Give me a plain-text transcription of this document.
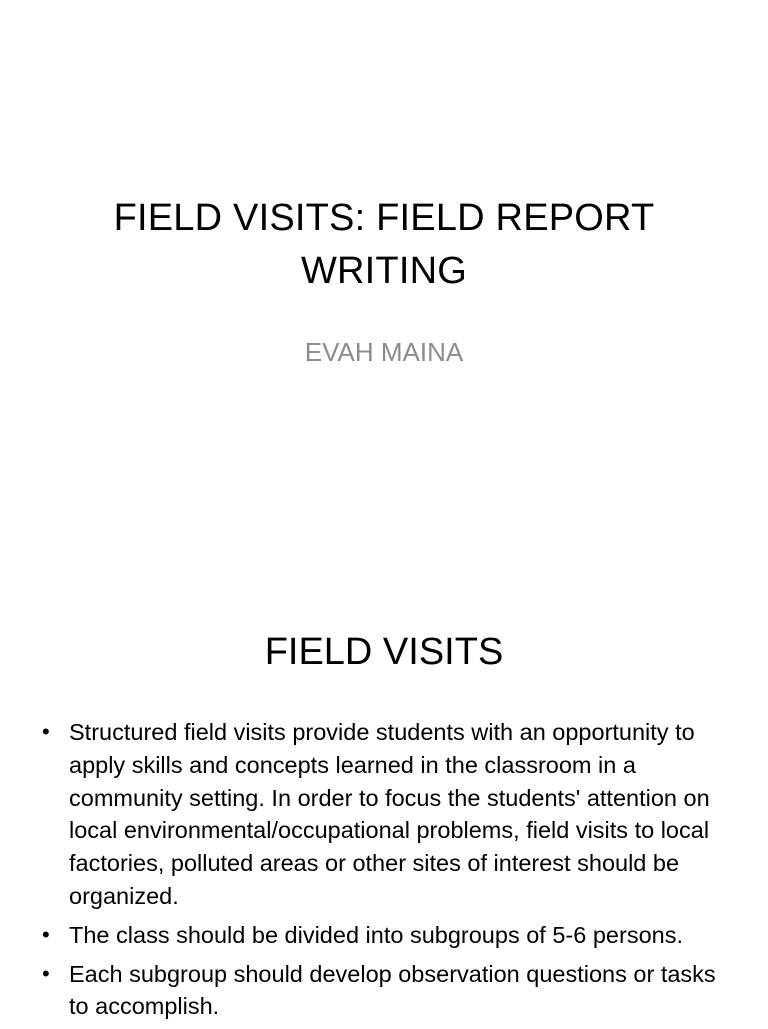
FIELD VISITS: FIELD REPORT WRITING
EVAH MAINA
FIELD VISITS
• Structured field visits provide students with an opportunity to apply skills and concepts learned in the classroom in a community setting. In order to focus the students' attention on local environmental/occupational problems, field visits to local factories, polluted areas or other sites of interest should be organized.
• The class should be divided into subgroups of 5-6 persons.
• Each subgroup should develop observation questions or tasks to accomplish.
